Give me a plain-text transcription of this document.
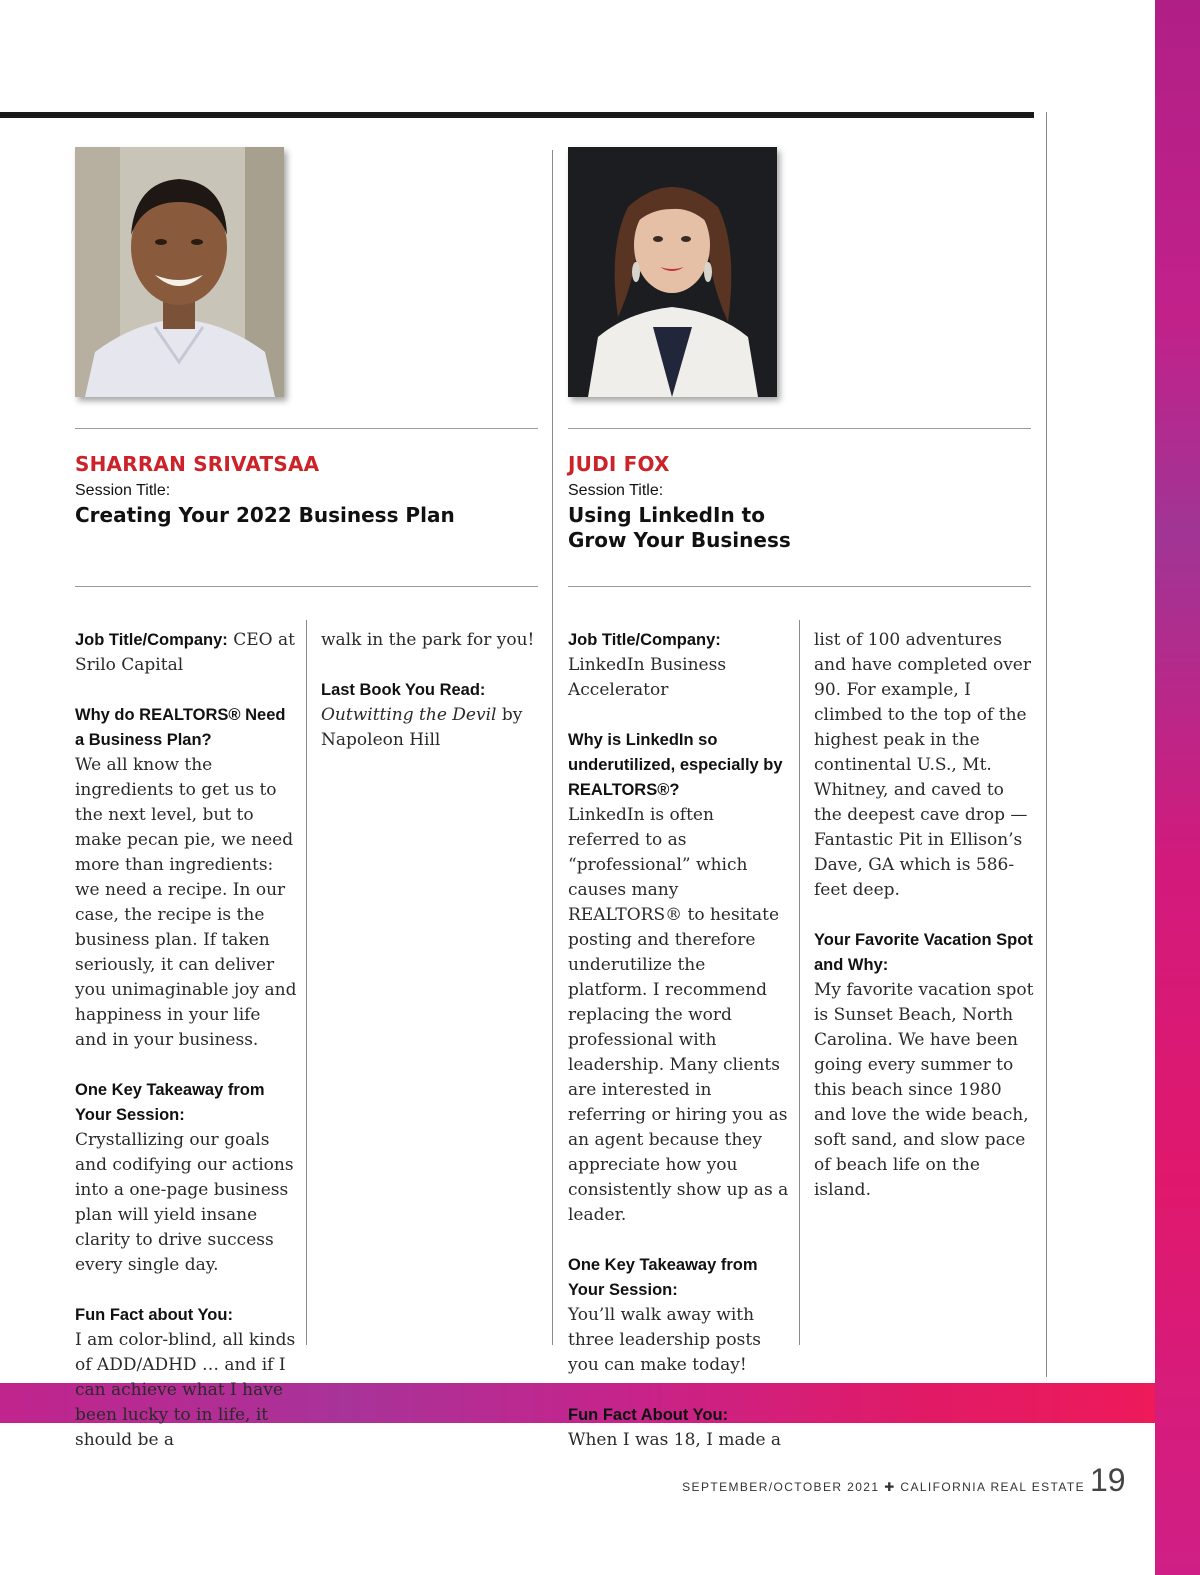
SHARRAN SRIVATSAA
Session Title:
Creating Your 2022 Business Plan
JUDI FOX
Session Title:
Using LinkedIn to Grow Your Business

Job Title/Company: CEO at Srilo Capital

Why do REALTORS® Need a Business Plan?
We all know the ingredients to get us to the next level, but to make pecan pie, we need more than ingredients: we need a recipe. In our case, the recipe is the business plan. If taken seriously, it can deliver you unimaginable joy and happiness in your life and in your business.

One Key Takeaway from Your Session:
Crystallizing our goals and codifying our actions into a one-page business plan will yield insane clarity to drive success every single day.

Fun Fact about You:
I am color-blind, all kinds of ADD/ADHD … and if I can achieve what I have been lucky to in life, it should be a

walk in the park for you!

Last Book You Read:
Outwitting the Devil by Napoleon Hill

Job Title/Company:
LinkedIn Business Accelerator

Why is LinkedIn so underutilized, especially by REALTORS®?
LinkedIn is often referred to as “professional” which causes many REALTORS® to hesitate posting and therefore underutilize the platform. I recommend replacing the word professional with leadership. Many clients are interested in referring or hiring you as an agent because they appreciate how you consistently show up as a leader.

One Key Takeaway from Your Session:
You’ll walk away with three leadership posts you can make today!

Fun Fact About You:
When I was 18, I made a

list of 100 adventures and have completed over 90. For example, I climbed to the top of the highest peak in the continental U.S., Mt. Whitney, and caved to the deepest cave drop — Fantastic Pit in Ellison’s Dave, GA which is 586-feet deep.

Your Favorite Vacation Spot and Why:
My favorite vacation spot is Sunset Beach, North Carolina. We have been going every summer to this beach since 1980 and love the wide beach, soft sand, and slow pace of beach life on the island.

SEPTEMBER/OCTOBER 2021 ✚ CALIFORNIA REAL ESTATE 19
